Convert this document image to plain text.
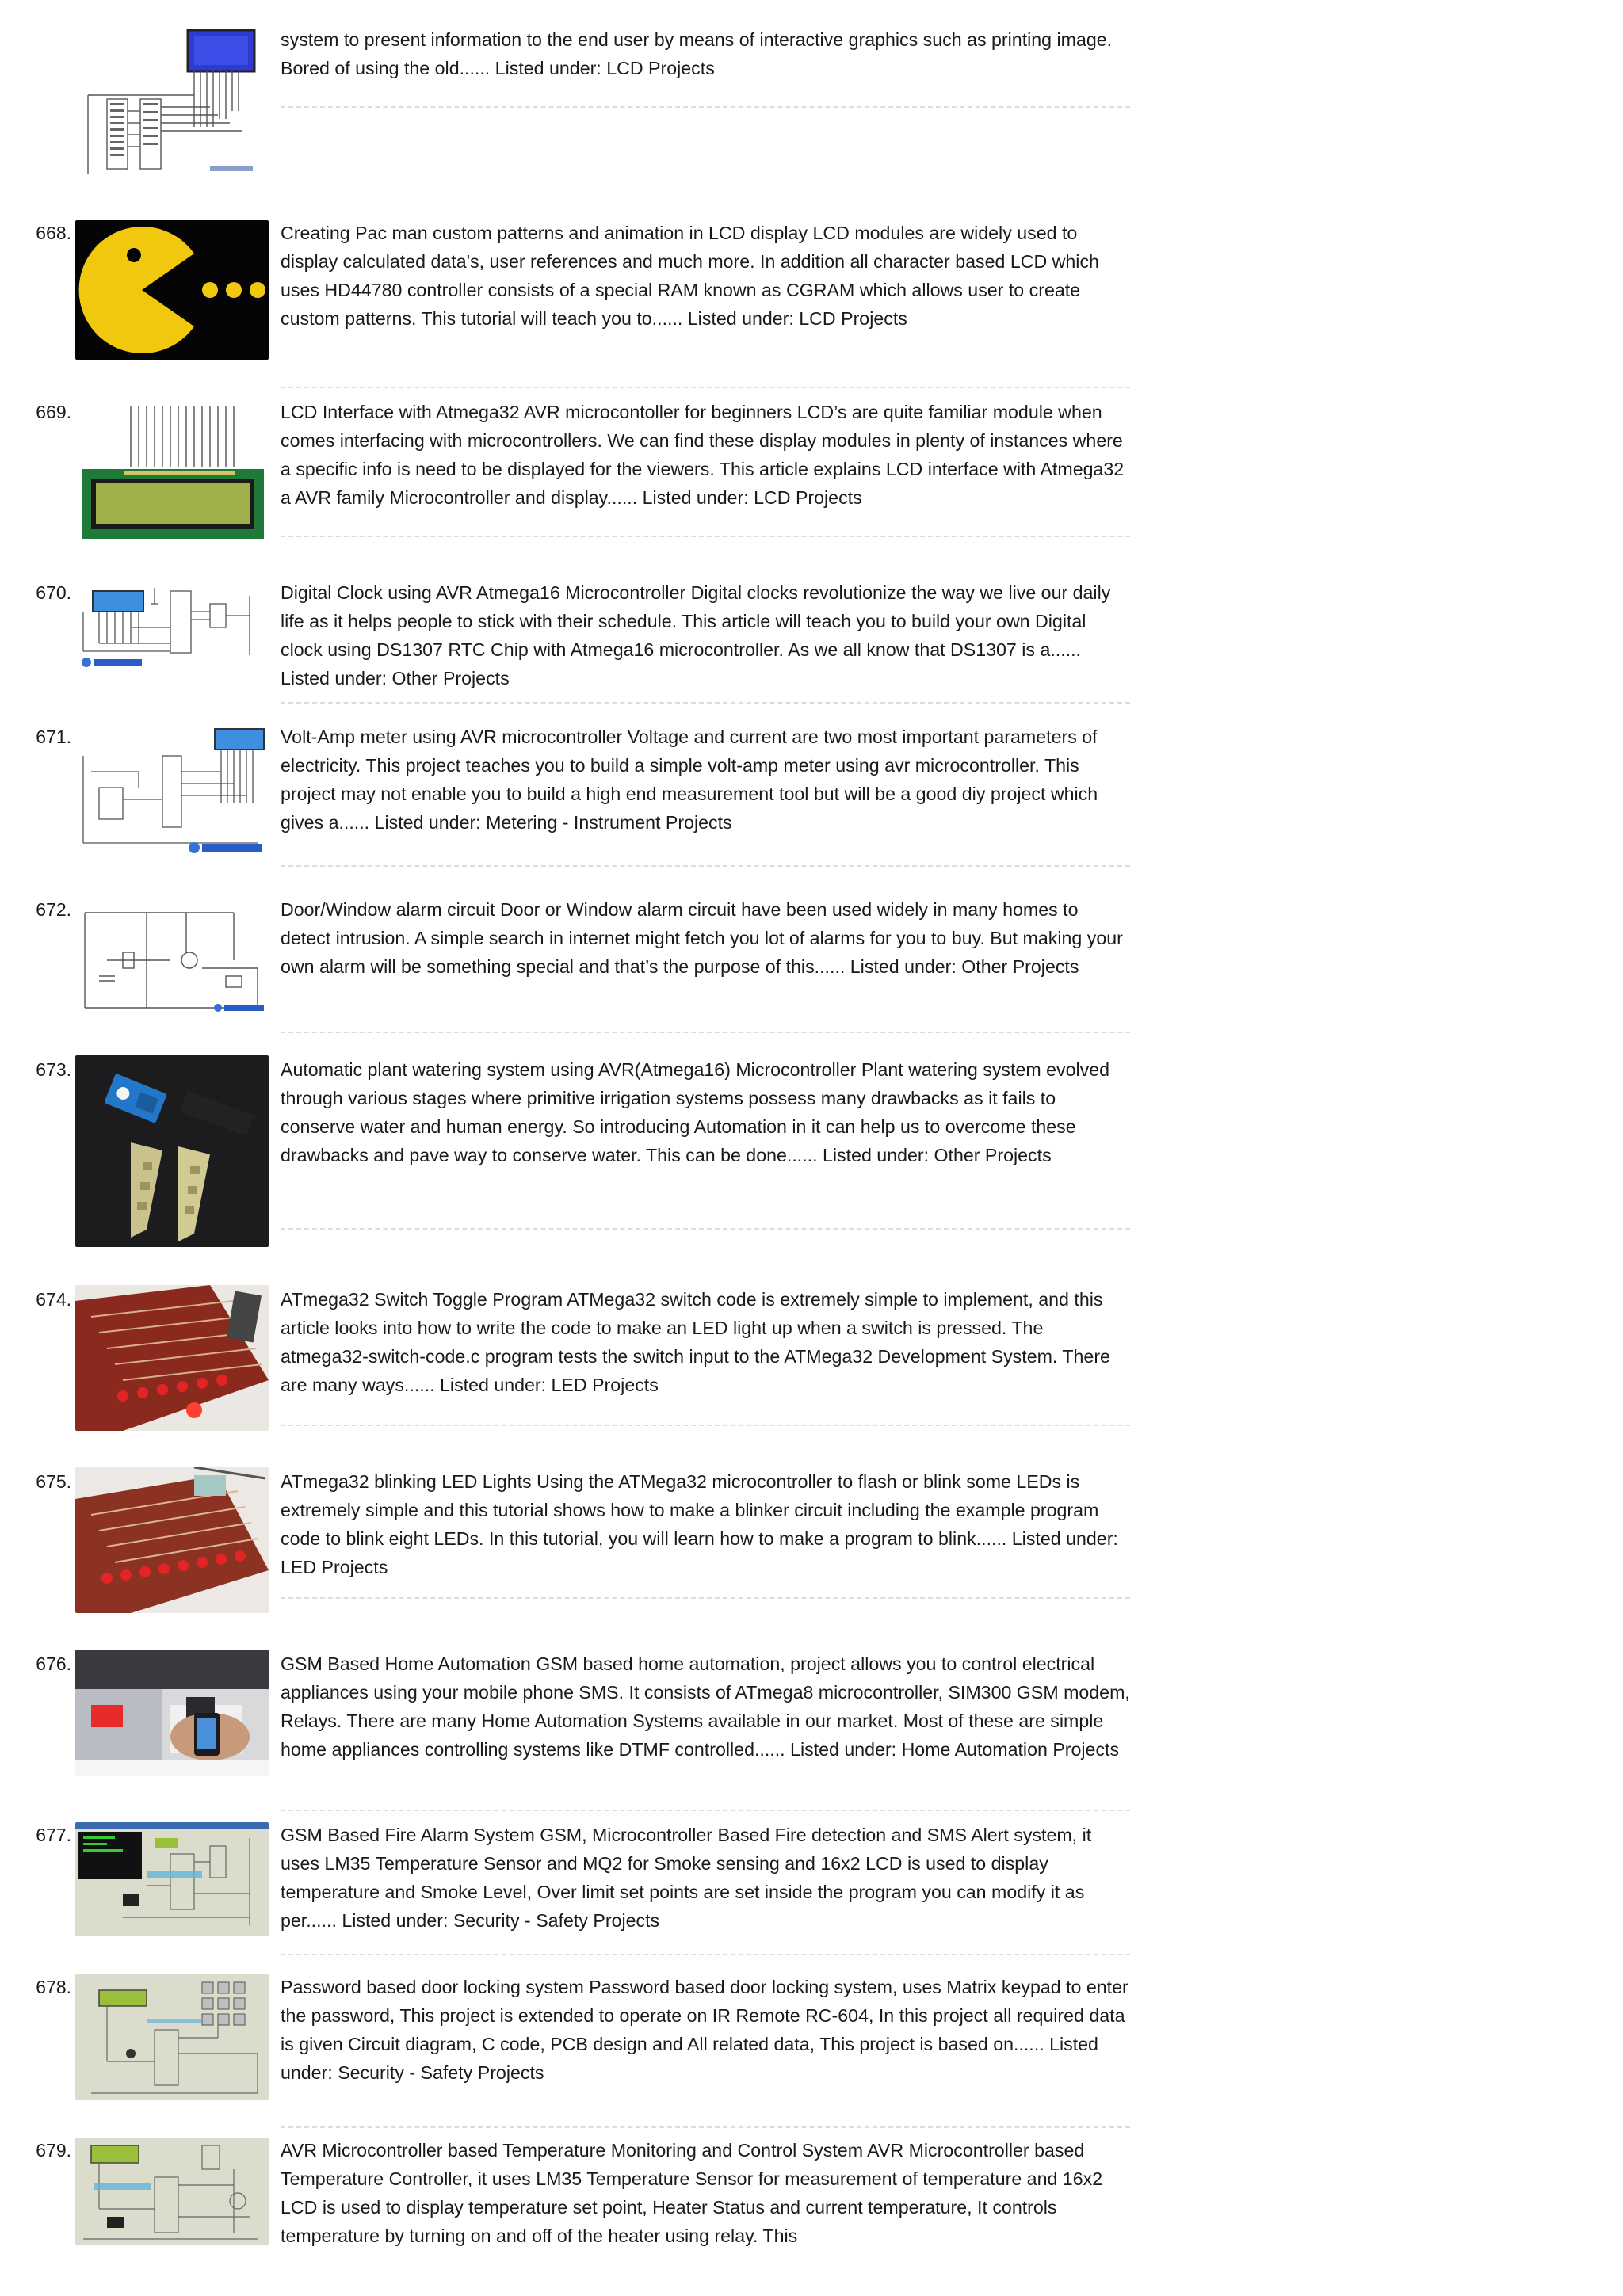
system to present information to the end user by means of interactive graphics such as printing image. Bored of using the old...... Listed under: LCD Projects
668.	Creating Pac man custom patterns and animation in LCD display LCD modules are widely used to display calculated data's, user references and much more. In addition all character based LCD which uses HD44780 controller consists of a special RAM known as CGRAM which allows user to create custom patterns. This tutorial will teach you to...... Listed under: LCD Projects
669.	LCD Interface with Atmega32 AVR microcontoller for beginners LCD’s are quite familiar module when comes interfacing with microcontrollers. We can find these display modules in plenty of instances where a specific info is need to be displayed for the viewers. This article explains LCD interface with Atmega32 a AVR family Microcontroller and display...... Listed under: LCD Projects
670.	Digital Clock using AVR Atmega16 Microcontroller Digital clocks revolutionize the way we live our daily life as it helps people to stick with their schedule. This article will teach you to build your own Digital clock using DS1307 RTC Chip with Atmega16 microcontroller. As we all know that DS1307 is a...... Listed under: Other Projects
671.	Volt-Amp meter using AVR microcontroller Voltage and current are two most important parameters of electricity. This project teaches you to build a simple volt-amp meter using avr microcontroller. This project may not enable you to build a high end measurement tool but will be a good diy project which gives a...... Listed under: Metering - Instrument Projects
672.	Door/Window alarm circuit Door or Window alarm circuit have been used widely in many homes to detect intrusion. A simple search in internet might fetch you lot of alarms for you to buy. But making your own alarm will be something special and that’s the purpose of this...... Listed under: Other Projects
673.	Automatic plant watering system using AVR(Atmega16) Microcontroller Plant watering system evolved through various stages where primitive irrigation systems possess many drawbacks as it fails to conserve water and human energy. So introducing Automation in it can help us to overcome these drawbacks and pave way to conserve water. This can be done...... Listed under: Other Projects
674.	ATmega32 Switch Toggle Program ATMega32 switch code is extremely simple to implement, and this article looks into how to write the code to make an LED light up when a switch is pressed. The atmega32-switch-code.c program tests the switch input to the ATMega32 Development System. There are many ways...... Listed under: LED Projects
675.	ATmega32 blinking LED Lights Using the ATMega32 microcontroller to flash or blink some LEDs is extremely simple and this tutorial shows how to make a blinker circuit including the example program code to blink eight LEDs. In this tutorial, you will learn how to make a program to blink...... Listed under: LED Projects
676.	GSM Based Home Automation GSM based home automation, project allows you to control electrical appliances using your mobile phone SMS. It consists of ATmega8 microcontroller, SIM300 GSM modem, Relays. There are many Home Automation Systems available in our market. Most of these are simple home appliances controlling systems like DTMF controlled...... Listed under: Home Automation Projects
677.	GSM Based Fire Alarm System GSM, Microcontroller Based Fire detection and SMS Alert system, it uses LM35 Temperature Sensor and MQ2 for Smoke sensing and 16x2 LCD is used to display temperature and Smoke Level, Over limit set points are set inside the program you can modify it as per...... Listed under: Security - Safety Projects
678.	Password based door locking system Password based door locking system, uses Matrix keypad to enter the password, This project is extended to operate on IR Remote RC-604, In this project all required data is given Circuit diagram, C code, PCB design and All related data, This project is based on...... Listed under: Security - Safety Projects
679.	AVR Microcontroller based Temperature Monitoring and Control System AVR Microcontroller based Temperature Controller, it uses LM35 Temperature Sensor for measurement of temperature and 16x2 LCD is used to display temperature set point, Heater Status and current temperature, It controls temperature by turning on and off of the heater using relay. This
